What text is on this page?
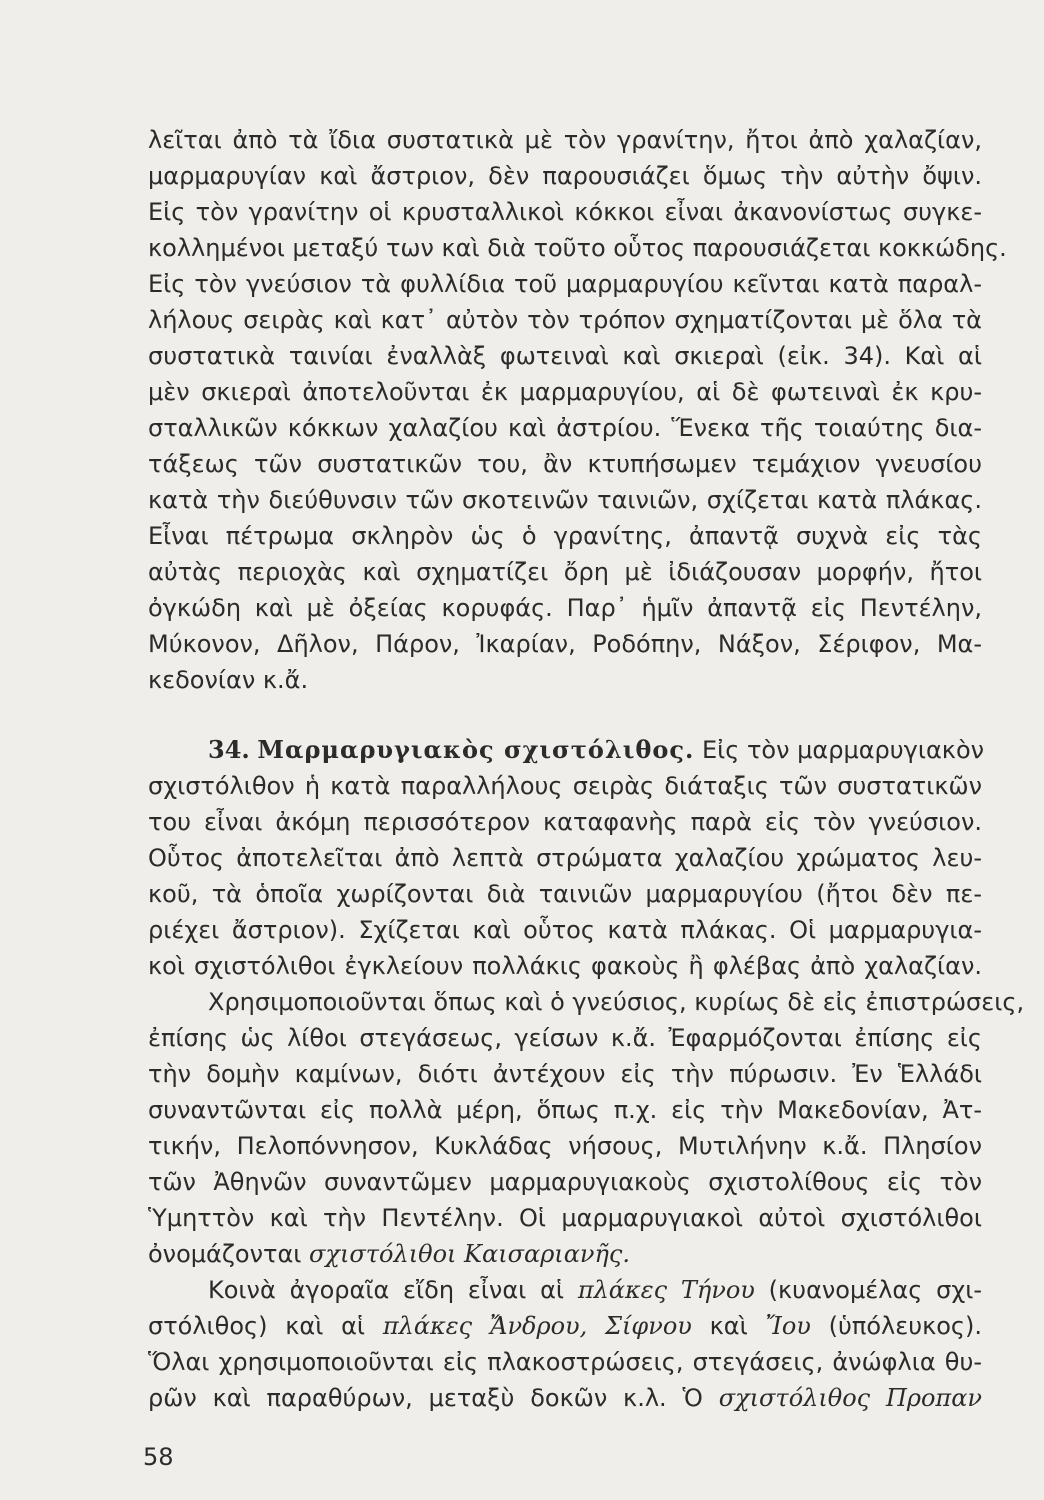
λεῖται ἀπὸ τὰ ἴδια συστατικὰ μὲ τὸν γρανίτην, ἤτοι ἀπὸ χαλαζίαν,
μαρμαρυγίαν καὶ ἄστριον, δὲν παρουσιάζει ὅμως τὴν αὐτὴν ὄψιν.
Εἰς τὸν γρανίτην οἱ κρυσταλλικοὶ κόκκοι εἶναι ἀκανονίστως συγκε-
κολλημένοι μεταξύ των καὶ διὰ τοῦτο οὗτος παρουσιάζεται κοκκώδης.
Εἰς τὸν γνεύσιον τὰ φυλλίδια τοῦ μαρμαρυγίου κεῖνται κατὰ παραλ-
λήλους σειρὰς καὶ κατ᾽ αὐτὸν τὸν τρόπον σχηματίζονται μὲ ὅλα τὰ
συστατικὰ ταινίαι ἐναλλὰξ φωτειναὶ καὶ σκιεραὶ (εἰκ. 34). Καὶ αἱ
μὲν σκιεραὶ ἀποτελοῦνται ἐκ μαρμαρυγίου, αἱ δὲ φωτειναὶ ἐκ κρυ-
σταλλικῶν κόκκων χαλαζίου καὶ ἀστρίου. Ἕνεκα τῆς τοιαύτης δια-
τάξεως τῶν συστατικῶν του, ἂν κτυπήσωμεν τεμάχιον γνευσίου
κατὰ τὴν διεύθυνσιν τῶν σκοτεινῶν ταινιῶν, σχίζεται κατὰ πλάκας.
Εἶναι πέτρωμα σκληρὸν ὡς ὁ γρανίτης, ἀπαντᾷ συχνὰ εἰς τὰς
αὐτὰς περιοχὰς καὶ σχηματίζει ὄρη μὲ ἰδιάζουσαν μορφήν, ἤτοι
ὀγκώδη καὶ μὲ ὀξείας κορυφάς. Παρ᾽ ἡμῖν ἀπαντᾷ εἰς Πεντέλην,
Μύκονον, Δῆλον, Πάρον, Ἰκαρίαν, Ροδόπην, Νάξον, Σέριφον, Μα-
κεδονίαν κ.ἄ.
34. Μαρμαρυγιακὸς σχιστόλιθος. Εἰς τὸν μαρμαρυγιακὸν
σχιστόλιθον ἡ κατὰ παραλλήλους σειρὰς διάταξις τῶν συστατικῶν
του εἶναι ἀκόμη περισσότερον καταφανὴς παρὰ εἰς τὸν γνεύσιον.
Οὗτος ἀποτελεῖται ἀπὸ λεπτὰ στρώματα χαλαζίου χρώματος λευ-
κοῦ, τὰ ὁποῖα χωρίζονται διὰ ταινιῶν μαρμαρυγίου (ἤτοι δὲν πε-
ριέχει ἄστριον). Σχίζεται καὶ οὗτος κατὰ πλάκας. Οἱ μαρμαρυγια-
κοὶ σχιστόλιθοι ἐγκλείουν πολλάκις φακοὺς ἢ φλέβας ἀπὸ χαλαζίαν.
Χρησιμοποιοῦνται ὅπως καὶ ὁ γνεύσιος, κυρίως δὲ εἰς ἐπιστρώσεις,
ἐπίσης ὡς λίθοι στεγάσεως, γείσων κ.ἄ. Ἐφαρμόζονται ἐπίσης εἰς
τὴν δομὴν καμίνων, διότι ἀντέχουν εἰς τὴν πύρωσιν. Ἐν Ἑλλάδι
συναντῶνται εἰς πολλὰ μέρη, ὅπως π.χ. εἰς τὴν Μακεδονίαν, Ἀτ-
τικήν, Πελοπόννησον, Κυκλάδας νήσους, Μυτιλήνην κ.ἄ. Πλησίον
τῶν Ἀθηνῶν συναντῶμεν μαρμαρυγιακοὺς σχιστολίθους εἰς τὸν
Ὑμηττὸν καὶ τὴν Πεντέλην. Οἱ μαρμαρυγιακοὶ αὐτοὶ σχιστόλιθοι
ὀνομάζονται σχιστόλιθοι Καισαριανῆς.
Κοινὰ ἀγοραῖα εἴδη εἶναι αἱ πλάκες Τήνου (κυανομέλας σχι-
στόλιθος) καὶ αἱ πλάκες Ἄνδρου, Σίφνου καὶ Ἴου (ὑπόλευκος).
Ὅλαι χρησιμοποιοῦνται εἰς πλακοστρώσεις, στεγάσεις, ἀνώφλια θυ-
ρῶν καὶ παραθύρων, μεταξὺ δοκῶν κ.λ. Ὁ σχιστόλιθος Προπαν
58
